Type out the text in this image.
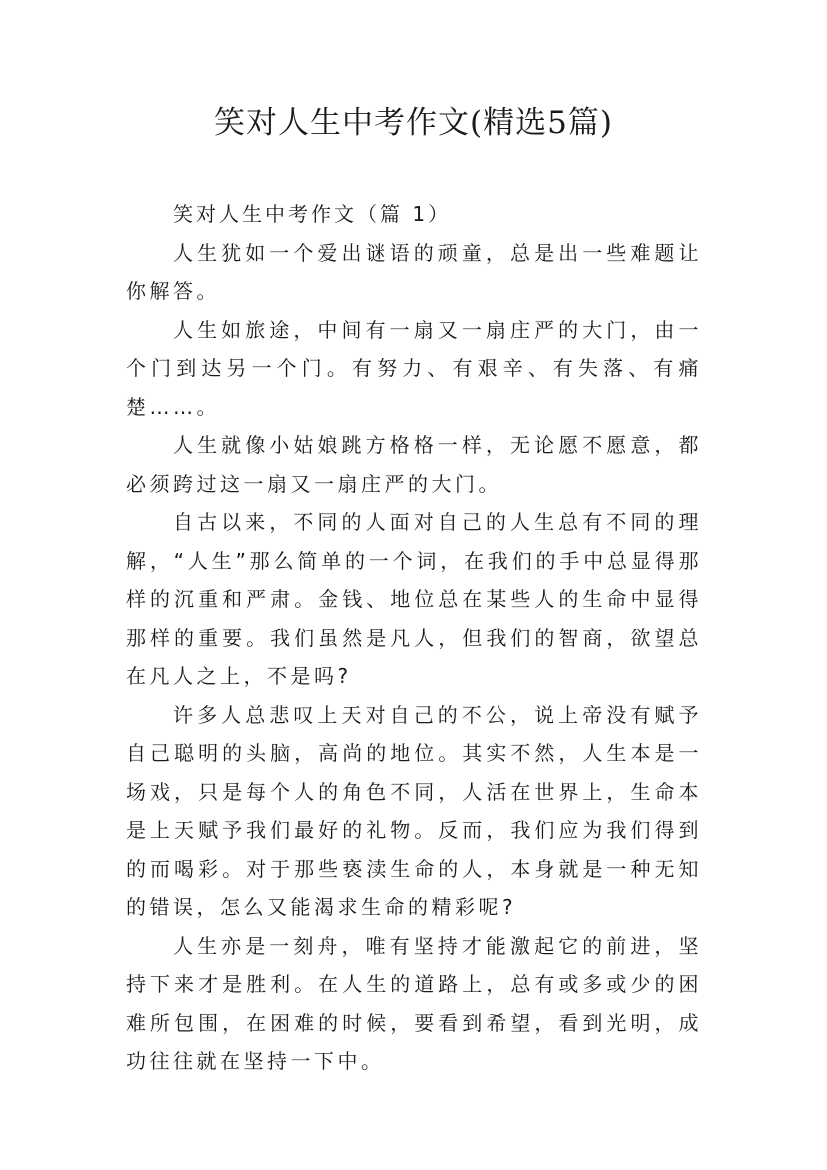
笑对人生中考作文(精选5篇)

笑对人生中考作文（篇 1）

人生犹如一个爱出谜语的顽童，总是出一些难题让你解答。

人生如旅途，中间有一扇又一扇庄严的大门，由一个门到达另一个门。有努力、有艰辛、有失落、有痛楚……。

人生就像小姑娘跳方格格一样，无论愿不愿意，都必须跨过这一扇又一扇庄严的大门。

自古以来，不同的人面对自己的人生总有不同的理解，“人生”那么简单的一个词，在我们的手中总显得那样的沉重和严肃。金钱、地位总在某些人的生命中显得那样的重要。我们虽然是凡人，但我们的智商，欲望总在凡人之上，不是吗?

许多人总悲叹上天对自己的不公，说上帝没有赋予自己聪明的头脑，高尚的地位。其实不然，人生本是一场戏，只是每个人的角色不同，人活在世界上，生命本是上天赋予我们最好的礼物。反而，我们应为我们得到的而喝彩。对于那些亵渎生命的人，本身就是一种无知的错误，怎么又能渴求生命的精彩呢?

人生亦是一刻舟，唯有坚持才能激起它的前进，坚持下来才是胜利。在人生的道路上，总有或多或少的困难所包围，在困难的时候，要看到希望，看到光明，成功往往就在坚持一下中。
